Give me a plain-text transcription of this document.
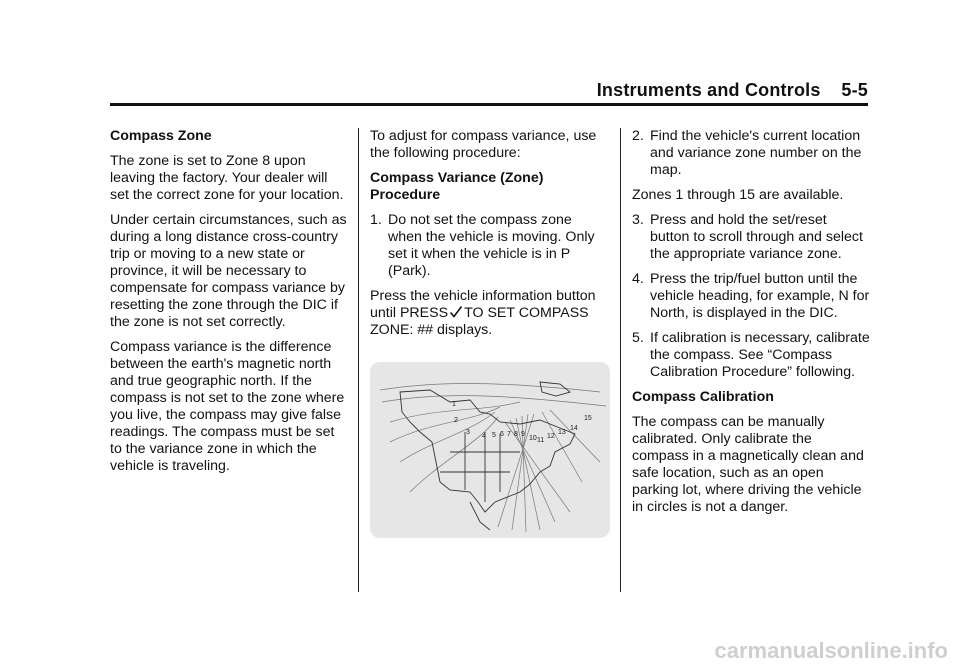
Instruments and Controls 5-5

Compass Zone

The zone is set to Zone 8 upon leaving the factory. Your dealer will set the correct zone for your location.

Under certain circumstances, such as during a long distance cross-country trip or moving to a new state or province, it will be necessary to compensate for compass variance by resetting the zone through the DIC if the zone is not set correctly.

Compass variance is the difference between the earth's magnetic north and true geographic north. If the compass is not set to the zone where you live, the compass may give false readings. The compass must be set to the variance zone in which the vehicle is traveling.

To adjust for compass variance, use the following procedure:

Compass Variance (Zone) Procedure

1. Do not set the compass zone when the vehicle is moving. Only set it when the vehicle is in P (Park).

Press the vehicle information button until PRESS TO SET COMPASS ZONE: ## displays.

1
2
3
4 5 6 7 8 9
10 11
12
13
14
15
2. Find the vehicle's current location and variance zone number on the map.

Zones 1 through 15 are available.

3. Press and hold the set/reset button to scroll through and select the appropriate variance zone.
4. Press the trip/fuel button until the vehicle heading, for example, N for North, is displayed in the DIC.
5. If calibration is necessary, calibrate the compass. See “Compass Calibration Procedure” following.

Compass Calibration

The compass can be manually calibrated. Only calibrate the compass in a magnetically clean and safe location, such as an open parking lot, where driving the vehicle in circles is not a danger.

carmanualsonline.info
